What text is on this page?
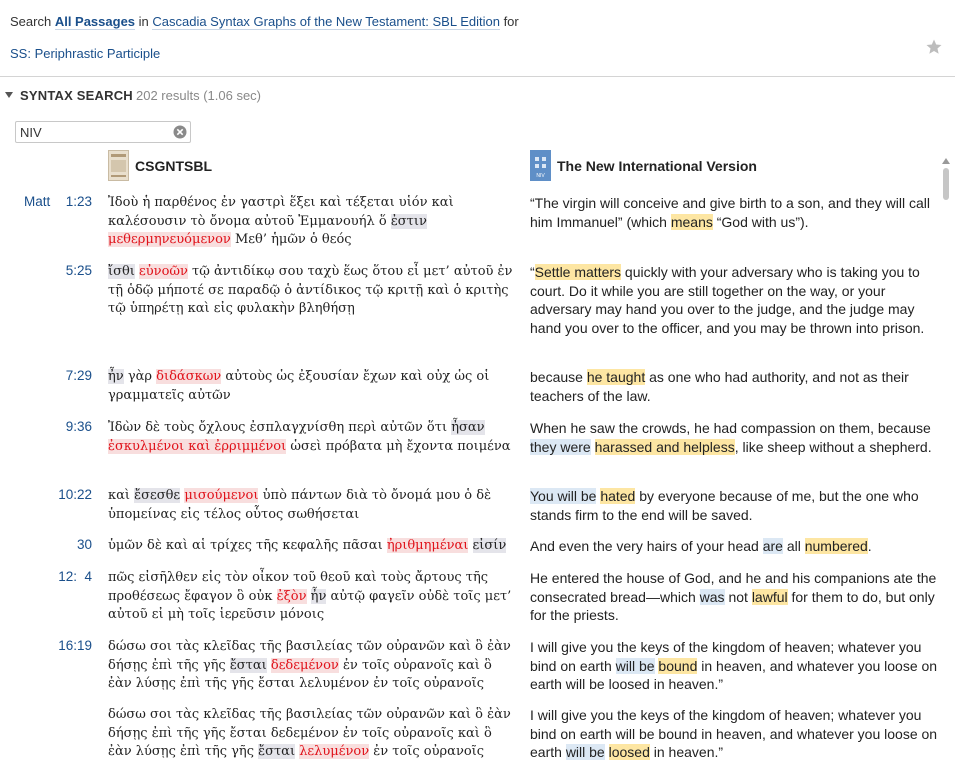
Search All Passages in Cascadia Syntax Graphs of the New Testament: SBL Edition for
SS: Periphrastic Participle
SYNTAX SEARCH 202 results (1.06 sec)
NIV
CSGNTSBL
NIV
The New International Version
Matt 1:23 Ἰδοὺ ἡ παρθένος ἐν γαστρὶ ἕξει καὶ τέξεται υἱόν καὶ καλέσουσιν τὸ ὄνομα αὐτοῦ Ἐμμανουήλ ὅ ἐστιν μεθερμηνευόμενον Μεθ’ ἡμῶν ὁ θεός
“The virgin will conceive and give birth to a son, and they will call him Immanuel” (which means “God with us”).
5:25 ἴσθι εὐνοῶν τῷ ἀντιδίκῳ σου ταχὺ ἕως ὅτου εἶ μετ’ αὐτοῦ ἐν τῇ ὁδῷ μήποτέ σε παραδῷ ὁ ἀντίδικος τῷ κριτῇ καὶ ὁ κριτὴς τῷ ὑπηρέτῃ καὶ εἰς φυλακὴν βληθήσῃ
“Settle matters quickly with your adversary who is taking you to court. Do it while you are still together on the way, or your adversary may hand you over to the judge, and the judge may hand you over to the officer, and you may be thrown into prison.
7:29 ἦν γὰρ διδάσκων αὐτοὺς ὡς ἐξουσίαν ἔχων καὶ οὐχ ὡς οἱ γραμματεῖς αὐτῶν
because he taught as one who had authority, and not as their teachers of the law.
9:36 Ἰδὼν δὲ τοὺς ὄχλους ἐσπλαγχνίσθη περὶ αὐτῶν ὅτι ἦσαν ἐσκυλμένοι καὶ ἐρριμμένοι ὡσεὶ πρόβατα μὴ ἔχοντα ποιμένα
When he saw the crowds, he had compassion on them, because they were harassed and helpless, like sheep without a shepherd.
10:22 καὶ ἔσεσθε μισούμενοι ὑπὸ πάντων διὰ τὸ ὄνομά μου ὁ δὲ ὑπομείνας εἰς τέλος οὗτος σωθήσεται
You will be hated by everyone because of me, but the one who stands firm to the end will be saved.
30 ὑμῶν δὲ καὶ αἱ τρίχες τῆς κεφαλῆς πᾶσαι ἠριθμημέναι εἰσίν	And even the very hairs of your head are all numbered.
12:  4 πῶς εἰσῆλθεν εἰς τὸν οἶκον τοῦ θεοῦ καὶ τοὺς ἄρτους τῆς προθέσεως ἔφαγον ὃ οὐκ ἐξὸν ἦν αὐτῷ φαγεῖν οὐδὲ τοῖς μετ’ αὐτοῦ εἰ μὴ τοῖς ἱερεῦσιν μόνοις
He entered the house of God, and he and his companions ate the consecrated bread—which was not lawful for them to do, but only for the priests.
16:19 δώσω σοι τὰς κλεῖδας τῆς βασιλείας τῶν οὐρανῶν καὶ ὃ ἐὰν δήσῃς ἐπὶ τῆς γῆς ἔσται δεδεμένον ἐν τοῖς οὐρανοῖς καὶ ὃ ἐὰν λύσῃς ἐπὶ τῆς γῆς ἔσται λελυμένον ἐν τοῖς οὐρανοῖς
I will give you the keys of the kingdom of heaven; whatever you bind on earth will be bound in heaven, and whatever you loose on earth will be loosed in heaven.”
δώσω σοι τὰς κλεῖδας τῆς βασιλείας τῶν οὐρανῶν καὶ ὃ ἐὰν δήσῃς ἐπὶ τῆς γῆς ἔσται δεδεμένον ἐν τοῖς οὐρανοῖς καὶ ὃ ἐὰν λύσῃς ἐπὶ τῆς γῆς ἔσται λελυμένον ἐν τοῖς οὐρανοῖς
I will give you the keys of the kingdom of heaven; whatever you bind on earth will be bound in heaven, and whatever you loose on earth will be loosed in heaven.”
